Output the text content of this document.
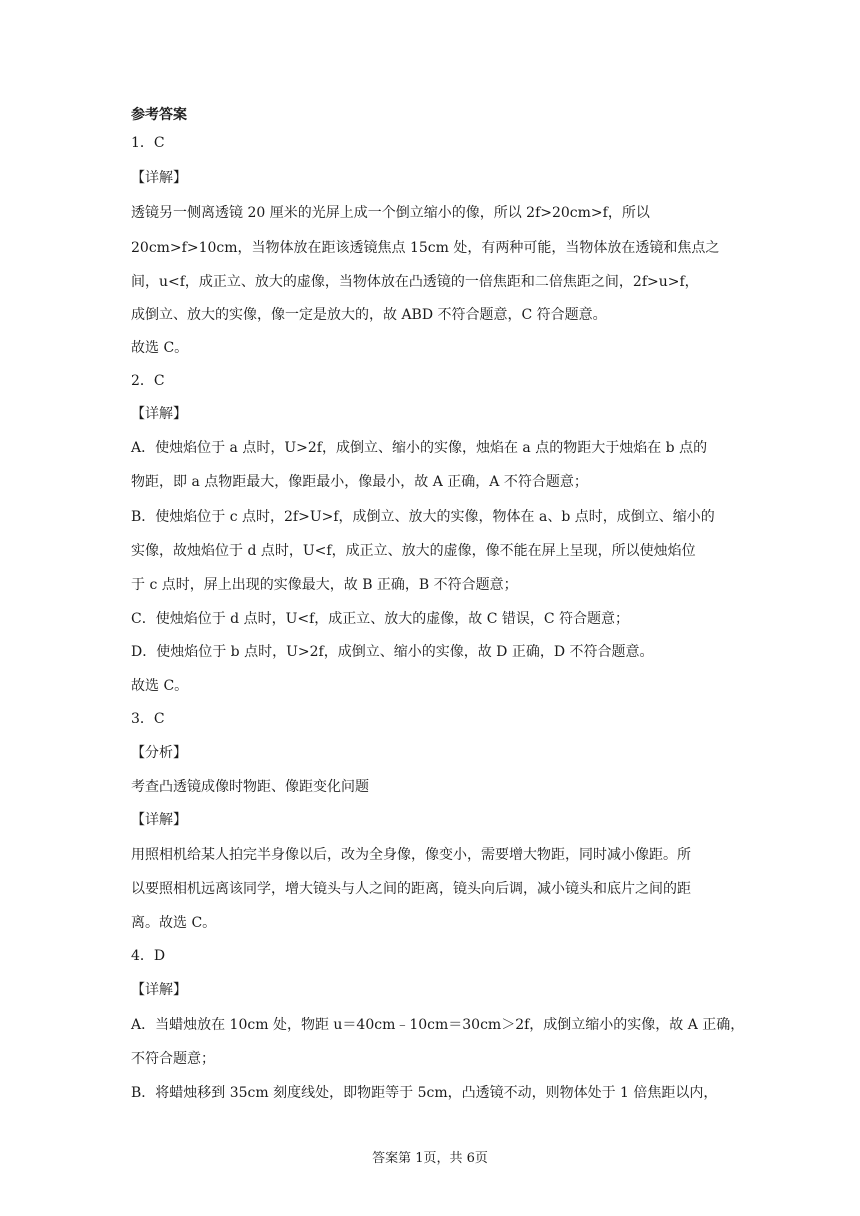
参考答案
1．C
【详解】
透镜另一侧离透镜 20 厘米的光屏上成一个倒立缩小的像，所以 2f>20cm>f，所以
20cm>f>10cm，当物体放在距该透镜焦点 15cm 处，有两种可能，当物体放在透镜和焦点之
间，u<f，成正立、放大的虚像，当物体放在凸透镜的一倍焦距和二倍焦距之间，2f>u>f，
成倒立、放大的实像，像一定是放大的，故 ABD 不符合题意，C 符合题意。
故选 C。
2．C
【详解】
A．使烛焰位于 a 点时，U>2f，成倒立、缩小的实像，烛焰在 a 点的物距大于烛焰在 b 点的
物距，即 a 点物距最大，像距最小，像最小，故 A 正确，A 不符合题意；
B．使烛焰位于 c 点时，2f>U>f，成倒立、放大的实像，物体在 a、b 点时，成倒立、缩小的
实像，故烛焰位于 d 点时，U<f，成正立、放大的虚像，像不能在屏上呈现，所以使烛焰位
于 c 点时，屏上出现的实像最大，故 B 正确，B 不符合题意；
C．使烛焰位于 d 点时，U<f，成正立、放大的虚像，故 C 错误，C 符合题意；
D．使烛焰位于 b 点时，U>2f，成倒立、缩小的实像，故 D 正确，D 不符合题意。
故选 C。
3．C
【分析】
考查凸透镜成像时物距、像距变化问题
【详解】
用照相机给某人拍完半身像以后，改为全身像，像变小，需要增大物距，同时减小像距。所
以要照相机远离该同学，增大镜头与人之间的距离，镜头向后调，减小镜头和底片之间的距
离。故选 C。
4．D
【详解】
A．当蜡烛放在 10cm 处，物距 u＝40cm﹣10cm＝30cm＞2f，成倒立缩小的实像，故 A 正确，
不符合题意；
B．将蜡烛移到 35cm 刻度线处，即物距等于 5cm，凸透镜不动，则物体处于 1 倍焦距以内，
答案第 1页，共 6页
